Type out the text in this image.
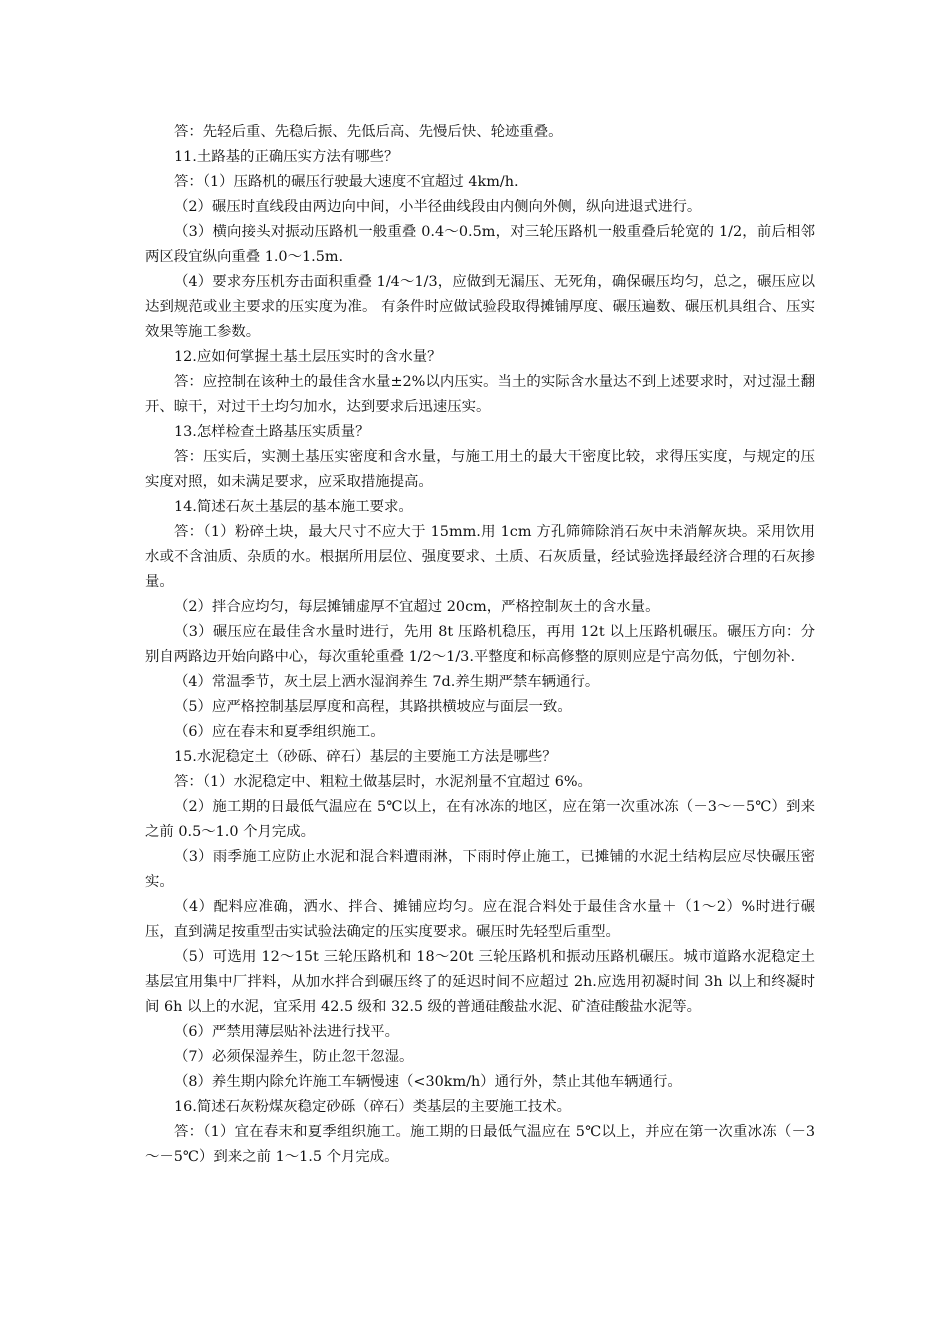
答：先轻后重、先稳后振、先低后高、先慢后快、轮迹重叠。

11.土路基的正确压实方法有哪些？

答：（1）压路机的碾压行驶最大速度不宜超过 4km/h.

（2）碾压时直线段由两边向中间，小半径曲线段由内侧向外侧，纵向进退式进行。

（3）横向接头对振动压路机一般重叠 0.4～0.5m，对三轮压路机一般重叠后轮宽的 1/2，前后相邻两区段宜纵向重叠 1.0～1.5m.

（4）要求夯压机夯击面积重叠 1/4～1/3，应做到无漏压、无死角，确保碾压均匀，总之，碾压应以达到规范或业主要求的压实度为准。 有条件时应做试验段取得摊铺厚度、碾压遍数、碾压机具组合、压实效果等施工参数。

12.应如何掌握土基土层压实时的含水量？

答：应控制在该种土的最佳含水量±2%以内压实。当土的实际含水量达不到上述要求时，对过湿土翻开、晾干，对过干土均匀加水，达到要求后迅速压实。

13.怎样检查土路基压实质量？

答：压实后，实测土基压实密度和含水量，与施工用土的最大干密度比较，求得压实度，与规定的压实度对照，如未满足要求，应采取措施提高。

14.简述石灰土基层的基本施工要求。

答：（1）粉碎土块，最大尺寸不应大于 15mm.用 1cm 方孔筛筛除消石灰中未消解灰块。采用饮用水或不含油质、杂质的水。根据所用层位、强度要求、土质、石灰质量，经试验选择最经济合理的石灰掺量。

（2）拌合应均匀，每层摊铺虚厚不宜超过 20cm，严格控制灰土的含水量。

（3）碾压应在最佳含水量时进行，先用 8t 压路机稳压，再用 12t 以上压路机碾压。碾压方向：分别自两路边开始向路中心，每次重轮重叠 1/2～1/3.平整度和标高修整的原则应是宁高勿低，宁刨勿补.

（4）常温季节，灰土层上洒水湿润养生 7d.养生期严禁车辆通行。

（5）应严格控制基层厚度和高程，其路拱横坡应与面层一致。

（6）应在春末和夏季组织施工。

15.水泥稳定土（砂砾、碎石）基层的主要施工方法是哪些？

答：（1）水泥稳定中、粗粒土做基层时，水泥剂量不宜超过 6%。

（2）施工期的日最低气温应在 5℃以上，在有冰冻的地区，应在第一次重冰冻（－3～－5℃）到来之前 0.5～1.0 个月完成。

（3）雨季施工应防止水泥和混合料遭雨淋，下雨时停止施工，已摊铺的水泥土结构层应尽快碾压密实。

（4）配料应准确，洒水、拌合、摊铺应均匀。应在混合料处于最佳含水量＋（1～2）%时进行碾压，直到满足按重型击实试验法确定的压实度要求。碾压时先轻型后重型。

（5）可选用 12～15t 三轮压路机和 18～20t 三轮压路机和振动压路机碾压。城市道路水泥稳定土基层宜用集中厂拌料，从加水拌合到碾压终了的延迟时间不应超过 2h.应选用初凝时间 3h 以上和终凝时间 6h 以上的水泥，宜采用 42.5 级和 32.5 级的普通硅酸盐水泥、矿渣硅酸盐水泥等。

（6）严禁用薄层贴补法进行找平。

（7）必须保湿养生，防止忽干忽湿。

（8）养生期内除允许施工车辆慢速（<30km/h）通行外，禁止其他车辆通行。

16.简述石灰粉煤灰稳定砂砾（碎石）类基层的主要施工技术。

答：（1）宜在春末和夏季组织施工。施工期的日最低气温应在 5℃以上，并应在第一次重冰冻（－3～－5℃）到来之前 1～1.5 个月完成。
